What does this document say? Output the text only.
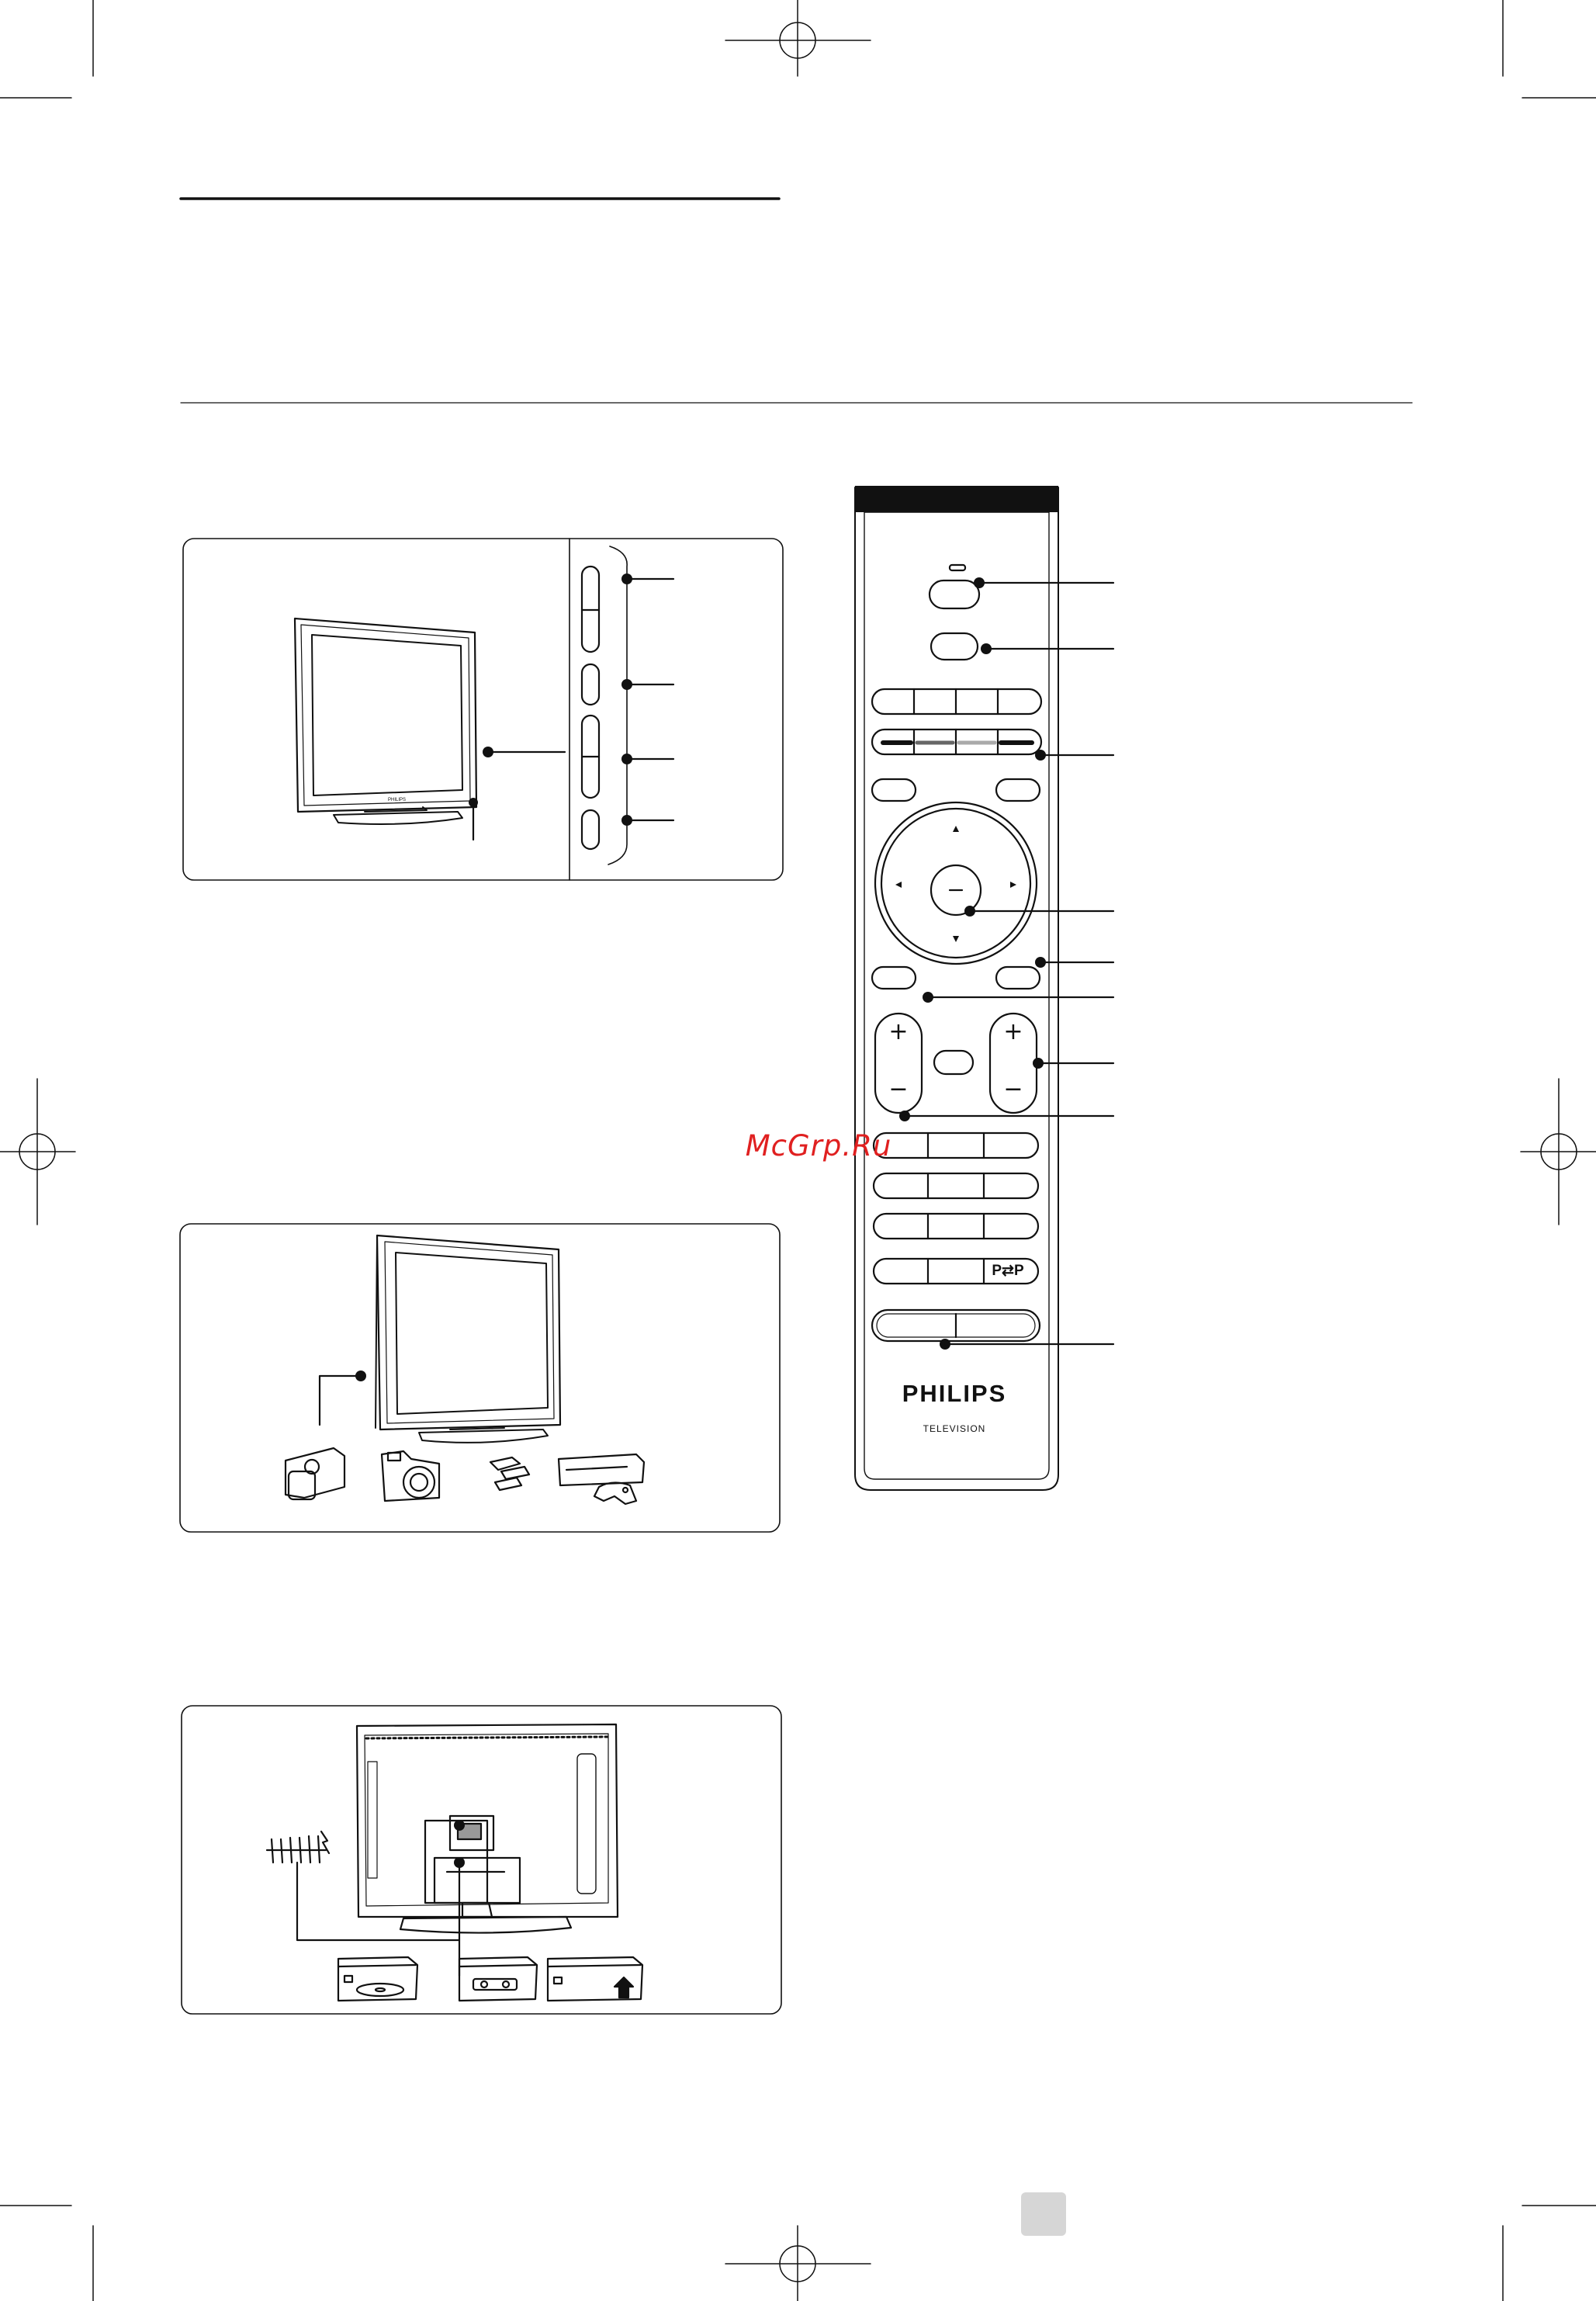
PHILIPS
+
−
+
−
P⇄P
PHILIPS
TELEVISION
McGrp.Ru
